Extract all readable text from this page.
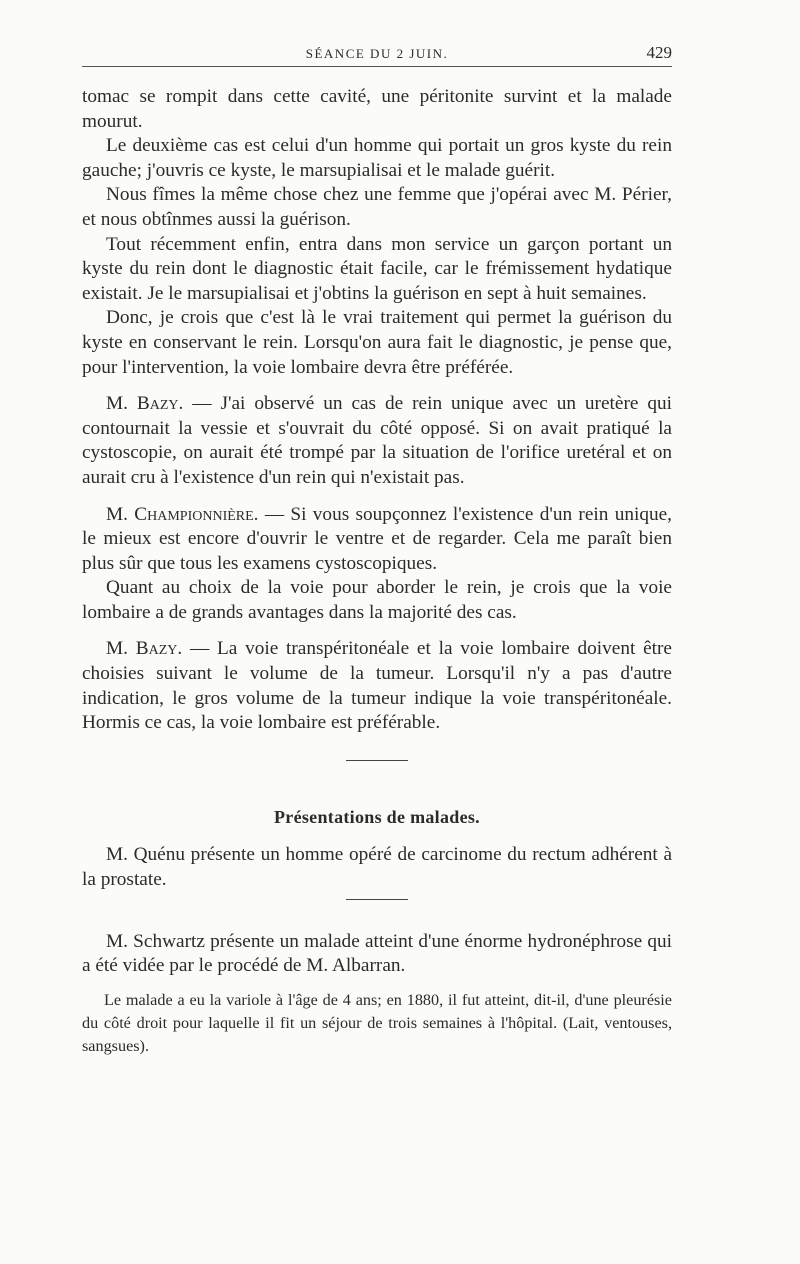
SÉANCE DU 2 JUIN.	429

tomac se rompit dans cette cavité, une péritonite survint et la malade mourut.

Le deuxième cas est celui d'un homme qui portait un gros kyste du rein gauche; j'ouvris ce kyste, le marsupialisai et le malade guérit.

Nous fîmes la même chose chez une femme que j'opérai avec M. Périer, et nous obtînmes aussi la guérison.

Tout récemment enfin, entra dans mon service un garçon portant un kyste du rein dont le diagnostic était facile, car le frémissement hydatique existait. Je le marsupialisai et j'obtins la guérison en sept à huit semaines.

Donc, je crois que c'est là le vrai traitement qui permet la guérison du kyste en conservant le rein. Lorsqu'on aura fait le diagnostic, je pense que, pour l'intervention, la voie lombaire devra être préférée.

M. Bazy. — J'ai observé un cas de rein unique avec un uretère qui contournait la vessie et s'ouvrait du côté opposé. Si on avait pratiqué la cystoscopie, on aurait été trompé par la situation de l'orifice uretéral et on aurait cru à l'existence d'un rein qui n'existait pas.

M. Championnière. — Si vous soupçonnez l'existence d'un rein unique, le mieux est encore d'ouvrir le ventre et de regarder. Cela me paraît bien plus sûr que tous les examens cystoscopiques.

Quant au choix de la voie pour aborder le rein, je crois que la voie lombaire a de grands avantages dans la majorité des cas.

M. Bazy. — La voie transpéritonéale et la voie lombaire doivent être choisies suivant le volume de la tumeur. Lorsqu'il n'y a pas d'autre indication, le gros volume de la tumeur indique la voie transpéritonéale. Hormis ce cas, la voie lombaire est préférable.

Présentations de malades.

M. Quénu présente un homme opéré de carcinome du rectum adhérent à la prostate.

M. Schwartz présente un malade atteint d'une énorme hydronéphrose qui a été vidée par le procédé de M. Albarran.

Le malade a eu la variole à l'âge de 4 ans; en 1880, il fut atteint, dit-il, d'une pleurésie du côté droit pour laquelle il fit un séjour de trois semaines à l'hôpital. (Lait, ventouses, sangsues).
